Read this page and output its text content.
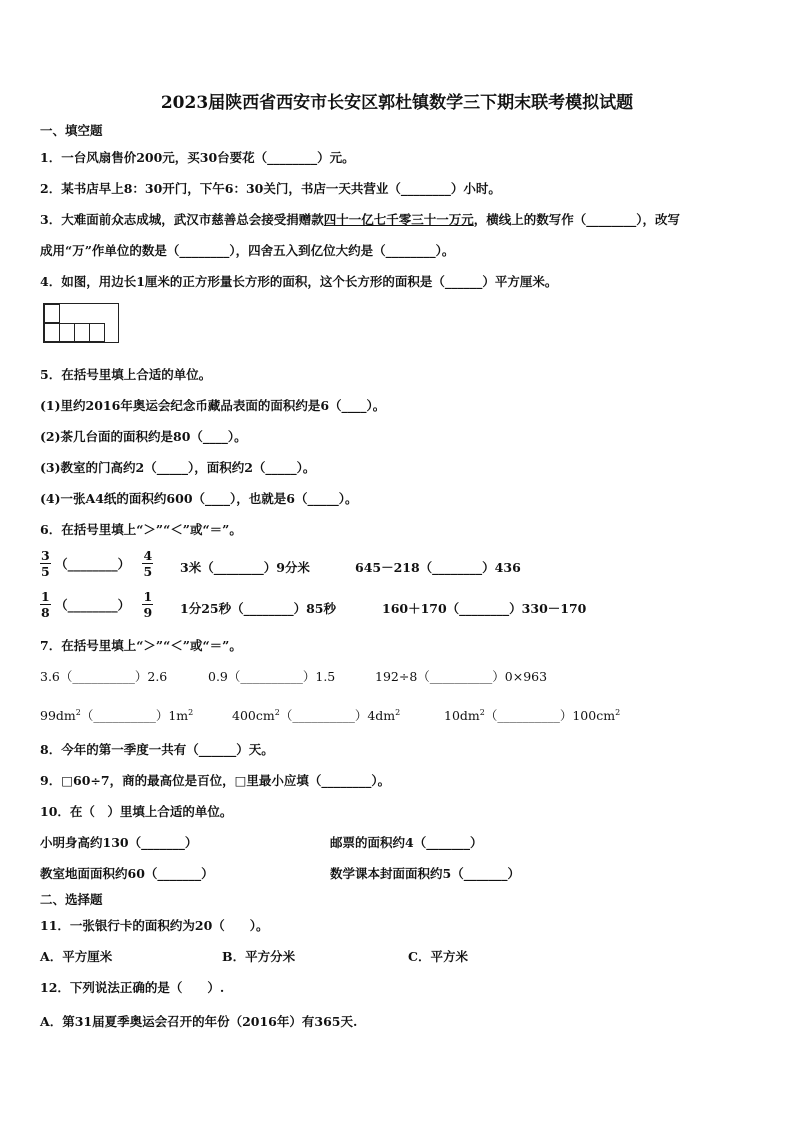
2023届陕西省西安市长安区郭杜镇数学三下期末联考模拟试题
一、填空题
1．一台风扇售价200元，买30台要花（________）元。
2．某书店早上8：30开门，下午6：30关门，书店一天共营业（________）小时。
3．大难面前众志成城，武汉市慈善总会接受捐赠款四十一亿七千零三十一万元，横线上的数写作（________），改写
成用“万”作单位的数是（________），四舍五入到亿位大约是（________）。
4．如图，用边长1厘米的正方形量长方形的面积，这个长方形的面积是（______）平方厘米。
5．在括号里填上合适的单位。
(1)里约2016年奥运会纪念币藏品表面的面积约是6（____）。
(2)茶几台面的面积约是80（____）。
(3)教室的门高约2（_____），面积约2（_____）。
(4)一张A4纸的面积约600（____），也就是6（_____）。
6．在括号里填上“＞”“＜”或“＝”。
$\frac{3}{5}$ （________） $\frac{4}{5} 3$米（________）9分米	645－218（________）436
$\frac{1}{8}$ （________） $\frac{1}{9} 1$分25秒（________）85秒	160＋170（________）330－170
7．在括号里填上“＞”“＜”或“＝”。
3.6（__________）2.6	0.9（__________）1.5	192÷8（__________）0×963
$99dm^2(\_\_\_\_\_\_\_\_\_\_)1m^2$	$400cm^2(\_\_\_\_\_\_\_\_\_\_)4dm^2$	$10dm^2(\_\_\_\_\_\_\_\_\_\_)100cm^2$
8．今年的第一季度一共有（______）天。
9．□60÷7，商的最高位是百位，□里最小应填（________）。
10．在（　）里填上合适的单位。
小明身高约130（_______）	邮票的面积约4（_______）
教室地面面积约60（_______）	数学课本封面面积约5（_______）
二、选择题
11．一张银行卡的面积约为20（　　）。
A．平方厘米	B．平方分米	C．平方米
12．下列说法正确的是（　　）.
A．第31届夏季奥运会召开的年份（2016年）有365天.
